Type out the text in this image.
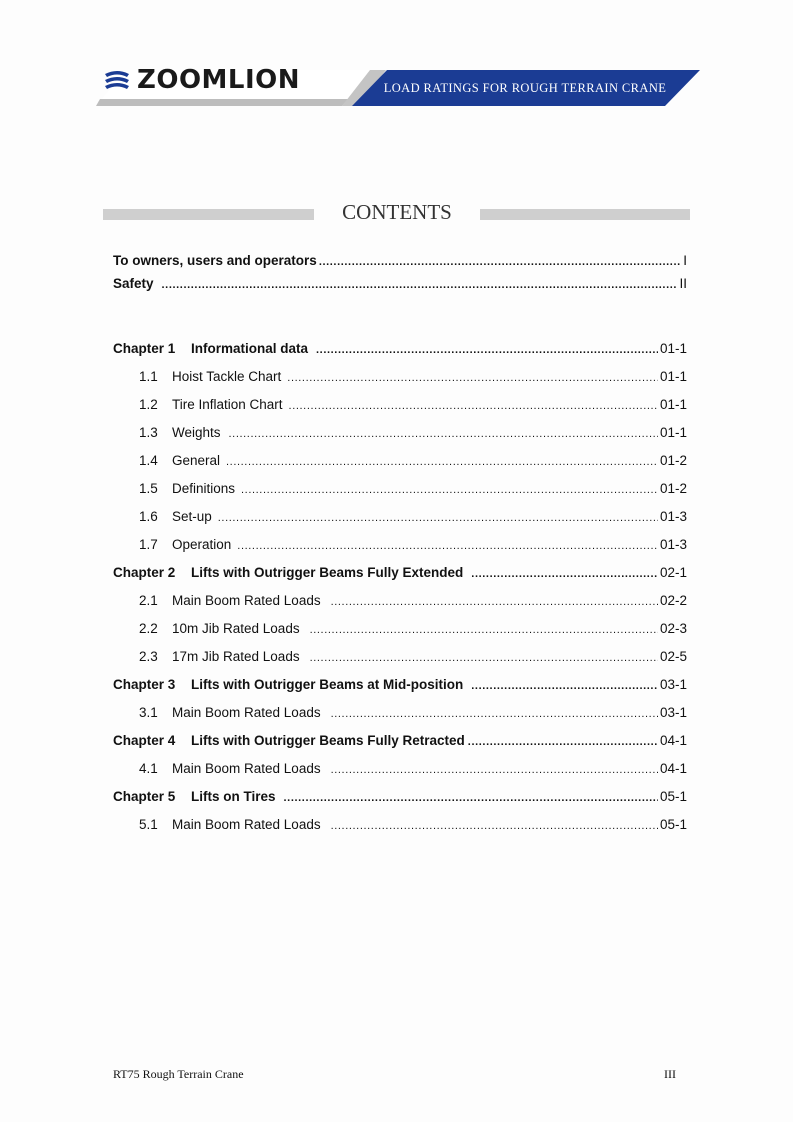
ZOOMLION	LOAD RATINGS FOR ROUGH TERRAIN CRANE
CONTENTS
To owners, users and operators .....	I
Safety .....	II
Chapter 1	Informational data .....	01-1
1.1	Hoist Tackle Chart .....	01-1
1.2	Tire Inflation Chart .....	01-1
1.3	Weights .....	01-1
1.4	General .....	01-2
1.5	Definitions .....	01-2
1.6	Set-up .....	01-3
1.7	Operation .....	01-3
Chapter 2	Lifts with Outrigger Beams Fully Extended .....	02-1
2.1	Main Boom Rated Loads .....	02-2
2.2	10m Jib Rated Loads .....	02-3
2.3	17m Jib Rated Loads .....	02-5
Chapter 3	Lifts with Outrigger Beams at Mid-position .....	03-1
3.1	Main Boom Rated Loads .....	03-1
Chapter 4	Lifts with Outrigger Beams Fully Retracted .....	04-1
4.1	Main Boom Rated Loads .....	04-1
Chapter 5	Lifts on Tires .....	05-1
5.1	Main Boom Rated Loads .....	05-1
RT75 Rough Terrain Crane	III
